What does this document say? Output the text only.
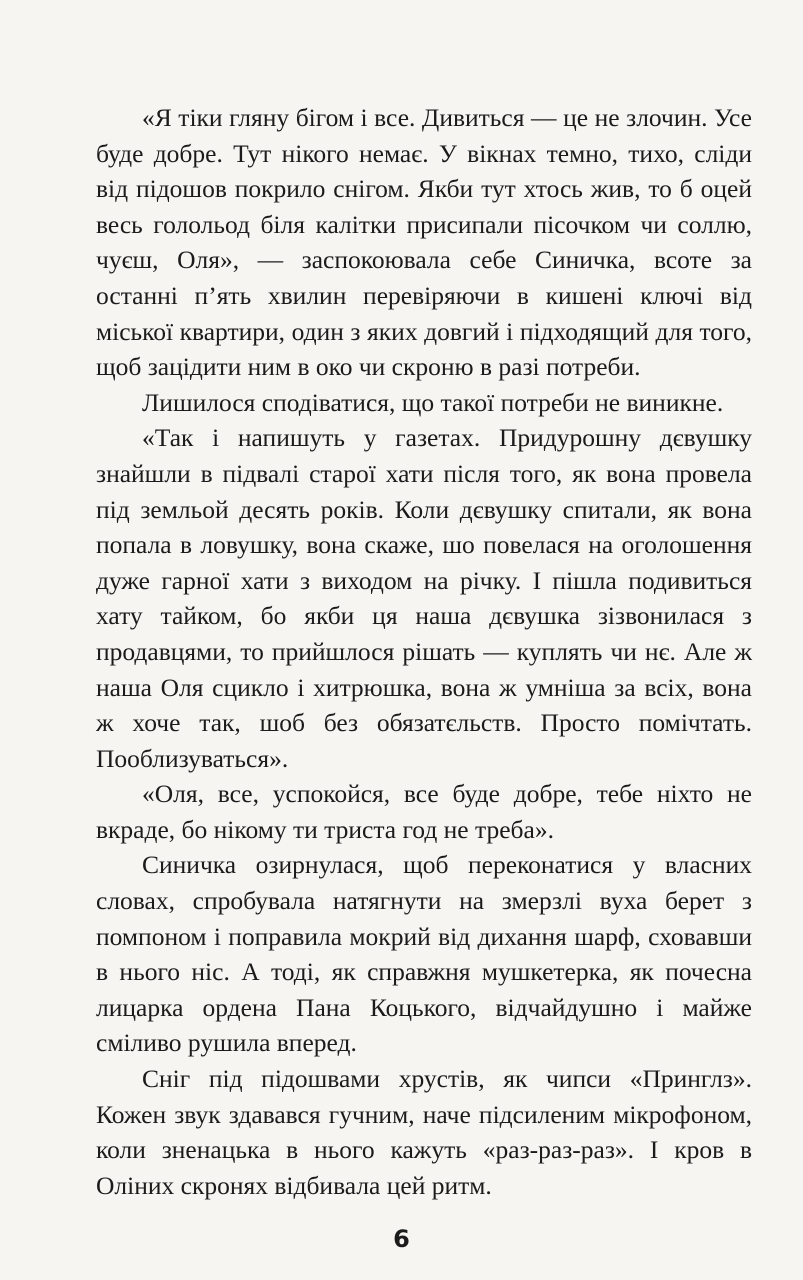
«Я тіки гляну бігом і все. Дивиться — це не злочин. Усе буде добре. Тут нікого немає. У вікнах темно, тихо, сліди від підошов покрило снігом. Якби тут хтось жив, то б оцей весь голольод біля калітки присипали пісочком чи соллю, чуєш, Оля», — заспокоювала себе Синичка, всоте за останні п’ять хвилин перевіряючи в кишені ключі від міської квартири, один з яких довгий і підходящий для того, щоб зацідити ним в око чи скроню в разі потреби.

Лишилося сподіватися, що такої потреби не виникне.

«Так і напишуть у газетах. Придурошну дєвушку знайшли в підвалі старої хати після того, як вона провела під земльой десять років. Коли дєвушку спитали, як вона попала в ловушку, вона скаже, шо повелася на оголошення дуже гарної хати з виходом на річку. І пішла подивиться хату тайком, бо якби ця наша дєвушка зізвонилася з продавцями, то прийшлося рішать — куплять чи нє. Але ж наша Оля сцикло і хитрюшка, вона ж умніша за всіх, вона ж хоче так, шоб без обязатєльств. Просто помічтать. Пооблизуваться».

«Оля, все, успокойся, все буде добре, тебе ніхто не вкраде, бо нікому ти триста год не треба».

Синичка озирнулася, щоб переконатися у власних словах, спробувала натягнути на змерзлі вуха берет з помпоном і поправила мокрий від дихання шарф, сховавши в нього ніс. А тоді, як справжня мушкетерка, як почесна лицарка ордена Пана Коцького, відчайдушно і майже сміливо рушила вперед.

Сніг під підошвами хрустів, як чипси «Принглз». Кожен звук здавався гучним, наче підсиленим мікрофоном, коли зненацька в нього кажуть «раз-раз-раз». І кров в Оліних скронях відбивала цей ритм.

6
